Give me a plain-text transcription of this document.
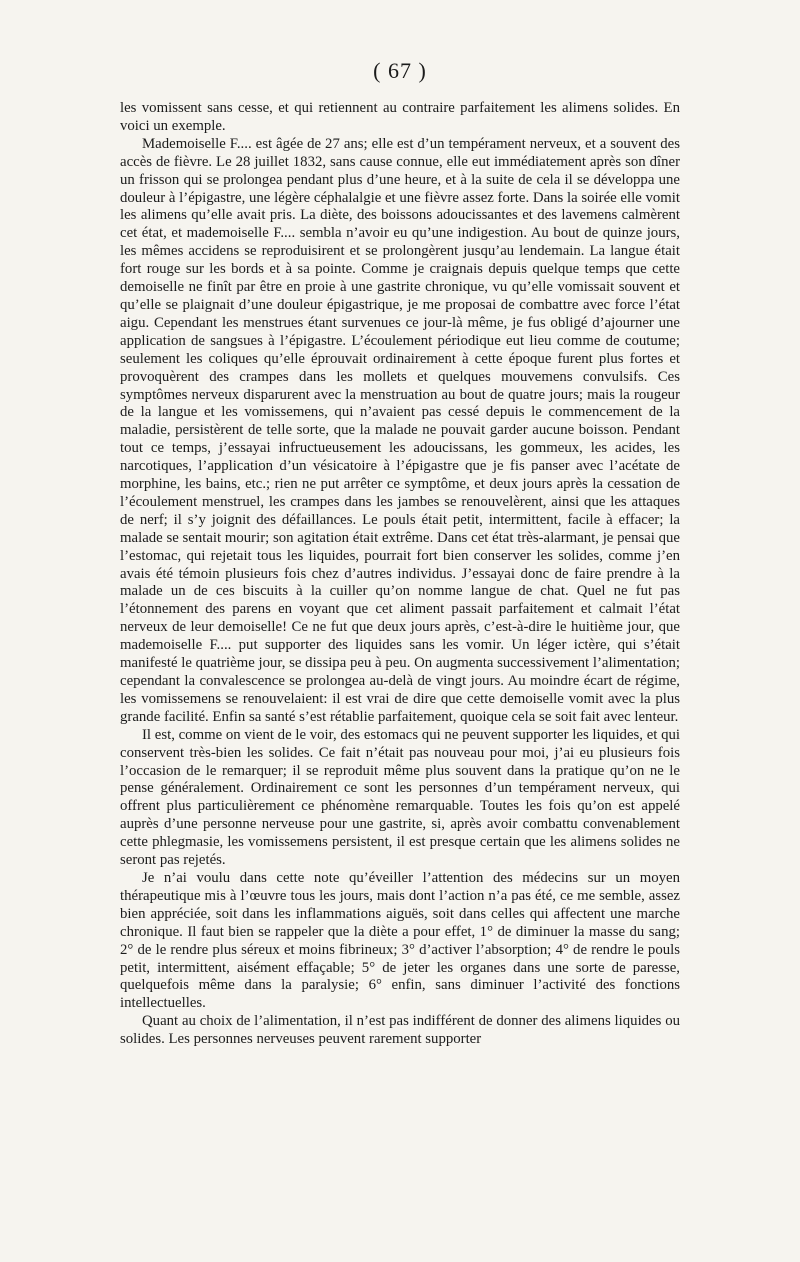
( 67 )

les vomissent sans cesse, et qui retiennent au contraire parfaitement les alimens solides. En voici un exemple.

Mademoiselle F.... est âgée de 27 ans; elle est d’un tempérament nerveux, et a souvent des accès de fièvre. Le 28 juillet 1832, sans cause connue, elle eut immédiatement après son dîner un frisson qui se prolongea pendant plus d’une heure, et à la suite de cela il se développa une douleur à l’épigastre, une légère céphalalgie et une fièvre assez forte. Dans la soirée elle vomit les alimens qu’elle avait pris. La diète, des boissons adoucissantes et des lavemens calmèrent cet état, et mademoiselle F.... sembla n’avoir eu qu’une indigestion. Au bout de quinze jours, les mêmes accidens se reproduisirent et se prolongèrent jusqu’au lendemain. La langue était fort rouge sur les bords et à sa pointe. Comme je craignais depuis quelque temps que cette demoiselle ne finît par être en proie à une gastrite chronique, vu qu’elle vomissait souvent et qu’elle se plaignait d’une douleur épigastrique, je me proposai de combattre avec force l’état aigu. Cependant les menstrues étant survenues ce jour-là même, je fus obligé d’ajourner une application de sangsues à l’épigastre. L’écoulement périodique eut lieu comme de coutume; seulement les coliques qu’elle éprouvait ordinairement à cette époque furent plus fortes et provoquèrent des crampes dans les mollets et quelques mouvemens convulsifs. Ces symptômes nerveux disparurent avec la menstruation au bout de quatre jours; mais la rougeur de la langue et les vomissemens, qui n’avaient pas cessé depuis le commencement de la maladie, persistèrent de telle sorte, que la malade ne pouvait garder aucune boisson. Pendant tout ce temps, j’essayai infructueusement les adoucissans, les gommeux, les acides, les narcotiques, l’application d’un vésicatoire à l’épigastre que je fis panser avec l’acétate de morphine, les bains, etc.; rien ne put arrêter ce symptôme, et deux jours après la cessation de l’écoulement menstruel, les crampes dans les jambes se renouvelèrent, ainsi que les attaques de nerf; il s’y joignit des défaillances. Le pouls était petit, intermittent, facile à effacer; la malade se sentait mourir; son agitation était extrême. Dans cet état très-alarmant, je pensai que l’estomac, qui rejetait tous les liquides, pourrait fort bien conserver les solides, comme j’en avais été témoin plusieurs fois chez d’autres individus. J’essayai donc de faire prendre à la malade un de ces biscuits à la cuiller qu’on nomme langue de chat. Quel ne fut pas l’étonnement des parens en voyant que cet aliment passait parfaitement et calmait l’état nerveux de leur demoiselle! Ce ne fut que deux jours après, c’est-à-dire le huitième jour, que mademoiselle F.... put supporter des liquides sans les vomir. Un léger ictère, qui s’était manifesté le quatrième jour, se dissipa peu à peu. On augmenta successivement l’alimentation; cependant la convalescence se prolongea au-delà de vingt jours. Au moindre écart de régime, les vomissemens se renouvelaient: il est vrai de dire que cette demoiselle vomit avec la plus grande facilité. Enfin sa santé s’est rétablie parfaitement, quoique cela se soit fait avec lenteur.

Il est, comme on vient de le voir, des estomacs qui ne peuvent supporter les liquides, et qui conservent très-bien les solides. Ce fait n’était pas nouveau pour moi, j’ai eu plusieurs fois l’occasion de le remarquer; il se reproduit même plus souvent dans la pratique qu’on ne le pense généralement. Ordinairement ce sont les personnes d’un tempérament nerveux, qui offrent plus particulièrement ce phénomène remarquable. Toutes les fois qu’on est appelé auprès d’une personne nerveuse pour une gastrite, si, après avoir combattu convenablement cette phlegmasie, les vomissemens persistent, il est presque certain que les alimens solides ne seront pas rejetés.

Je n’ai voulu dans cette note qu’éveiller l’attention des médecins sur un moyen thérapeutique mis à l’œuvre tous les jours, mais dont l’action n’a pas été, ce me semble, assez bien appréciée, soit dans les inflammations aiguës, soit dans celles qui affectent une marche chronique. Il faut bien se rappeler que la diète a pour effet, 1° de diminuer la masse du sang; 2° de le rendre plus séreux et moins fibrineux; 3° d’activer l’absorption; 4° de rendre le pouls petit, intermittent, aisément effaçable; 5° de jeter les organes dans une sorte de paresse, quelquefois même dans la paralysie; 6° enfin, sans diminuer l’activité des fonctions intellectuelles.

Quant au choix de l’alimentation, il n’est pas indifférent de donner des alimens liquides ou solides. Les personnes nerveuses peuvent rarement supporter
